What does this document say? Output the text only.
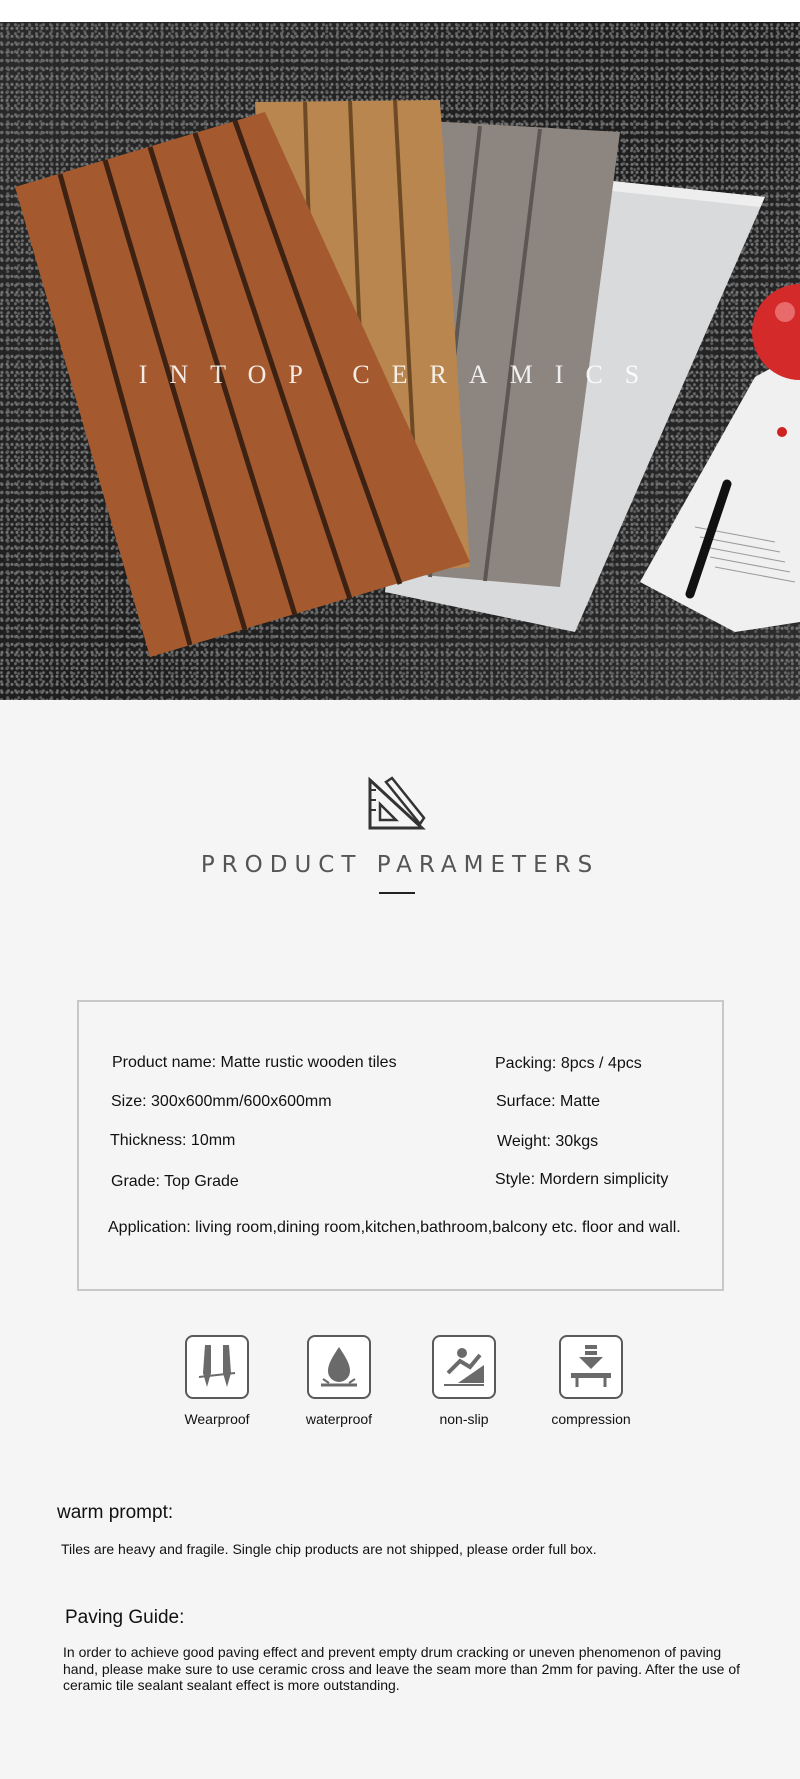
INTOP CERAMICS
PRODUCT PARAMETERS
Product name: Matte rustic wooden tiles	Packing: 8pcs / 4pcs
Size: 300x600mm/600x600mm	Surface: Matte
Thickness: 10mm	Weight: 30kgs
Grade: Top Grade	Style: Mordern simplicity
Application: living room,dining room,kitchen,bathroom,balcony etc. floor and wall.
Wearproof	waterproof	non-slip	compression
warm prompt:
Tiles are heavy and fragile. Single chip products are not shipped, please order full box.
Paving Guide:
In order to achieve good paving effect and prevent empty drum cracking or uneven phenomenon of paving hand, please make sure to use ceramic cross and leave the seam more than 2mm for paving. After the use of ceramic tile sealant sealant effect is more outstanding.
